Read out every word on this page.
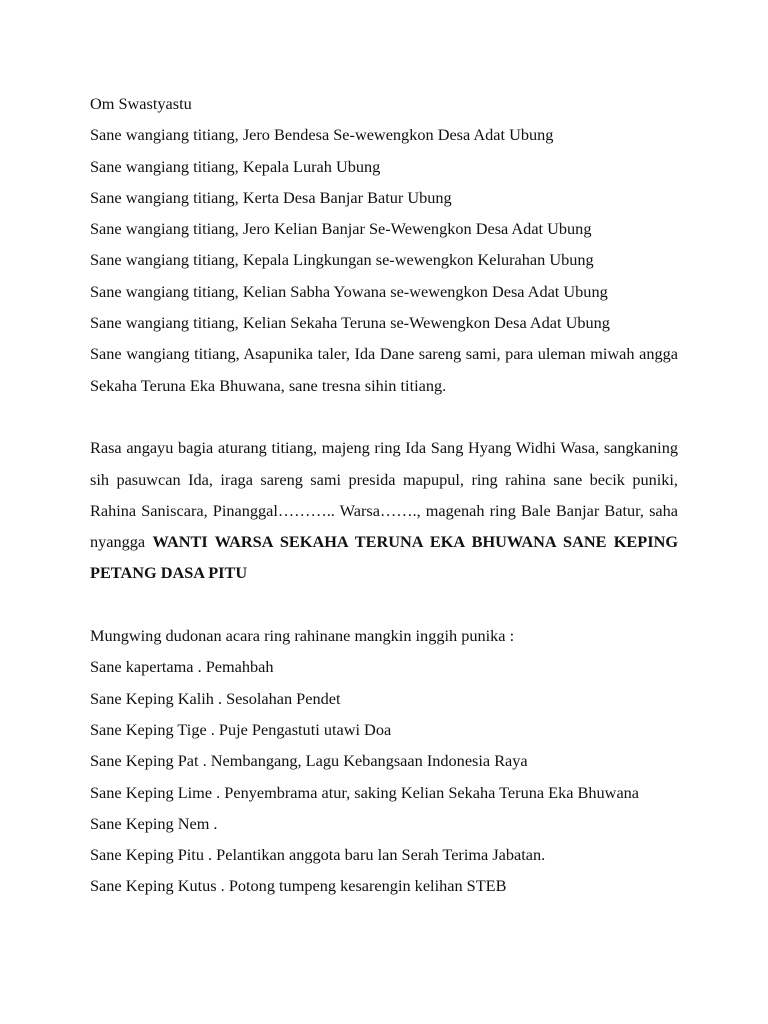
Om Swastyastu
Sane wangiang titiang, Jero Bendesa Se-wewengkon Desa Adat Ubung
Sane wangiang titiang, Kepala Lurah Ubung
Sane wangiang titiang, Kerta Desa Banjar Batur Ubung
Sane wangiang titiang, Jero Kelian Banjar Se-Wewengkon Desa Adat Ubung
Sane wangiang titiang, Kepala Lingkungan se-wewengkon Kelurahan Ubung
Sane wangiang titiang, Kelian Sabha Yowana se-wewengkon Desa Adat Ubung
Sane wangiang titiang, Kelian Sekaha Teruna se-Wewengkon Desa Adat Ubung
Sane wangiang titiang, Asapunika taler, Ida Dane sareng sami, para uleman miwah angga Sekaha Teruna Eka Bhuwana, sane tresna sihin titiang.
Rasa angayu bagia aturang titiang, majeng ring Ida Sang Hyang Widhi Wasa, sangkaning sih pasuwcan Ida, iraga sareng sami presida mapupul, ring rahina sane becik puniki, Rahina Saniscara, Pinanggal……….. Warsa……., magenah ring Bale Banjar Batur, saha nyangga WANTI WARSA SEKAHA TERUNA EKA BHUWANA SANE KEPING PETANG DASA PITU
Mungwing dudonan acara ring rahinane mangkin inggih punika :
Sane kapertama . Pemahbah
Sane Keping Kalih . Sesolahan Pendet
Sane Keping Tige . Puje Pengastuti utawi Doa
Sane Keping Pat . Nembangang, Lagu Kebangsaan Indonesia Raya
Sane Keping Lime . Penyembrama atur, saking Kelian Sekaha Teruna Eka Bhuwana
Sane Keping Nem .
Sane Keping Pitu . Pelantikan anggota baru lan Serah Terima Jabatan.
Sane Keping Kutus . Potong tumpeng kesarengin kelihan STEB
